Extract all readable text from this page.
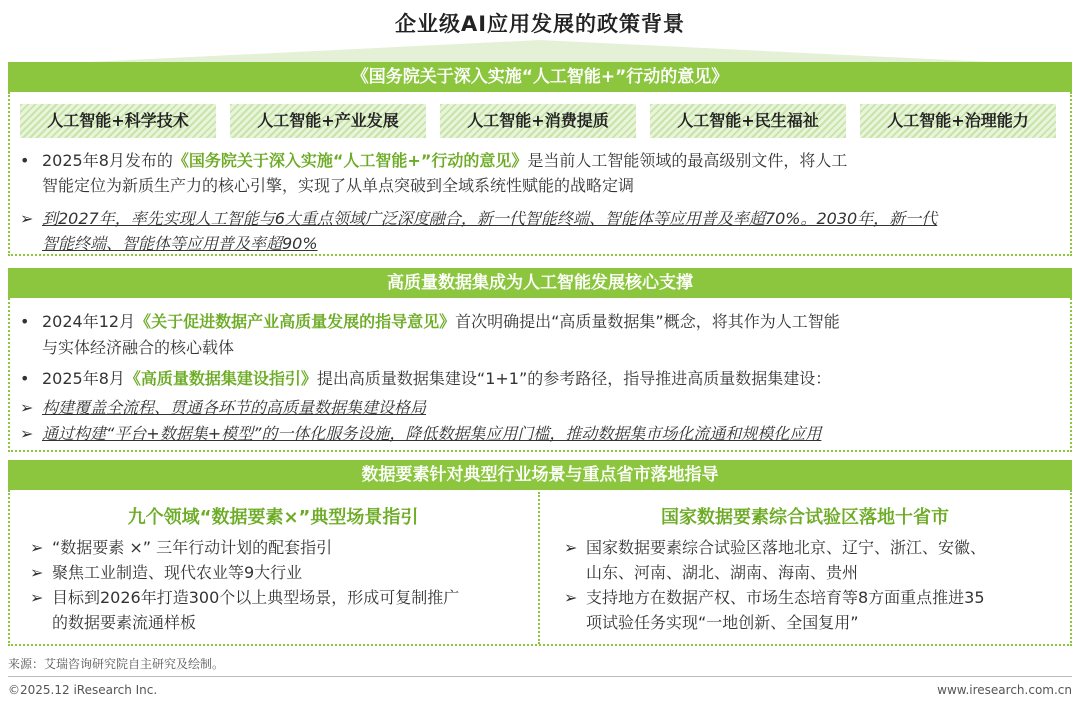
企业级AI应用发展的政策背景
《国务院关于深入实施“人工智能+”行动的意见》
人工智能+科学技术	人工智能+产业发展	人工智能+消费提质	人工智能+民生福祉	人工智能+治理能力
• 2025年8月发布的《国务院关于深入实施“人工智能+”行动的意见》是当前人工智能领域的最高级别文件，将人工
智能定位为新质生产力的核心引擎，实现了从单点突破到全域系统性赋能的战略定调
➢ 到2027年，率先实现人工智能与6大重点领域广泛深度融合，新一代智能终端、智能体等应用普及率超70%。2030年，新一代
智能终端、智能体等应用普及率超90%
高质量数据集成为人工智能发展核心支撑
• 2024年12月《关于促进数据产业高质量发展的指导意见》首次明确提出“高质量数据集”概念，将其作为人工智能
与实体经济融合的核心载体
• 2025年8月《高质量数据集建设指引》提出高质量数据集建设“1+1”的参考路径，指导推进高质量数据集建设：
➢ 构建覆盖全流程、贯通各环节的高质量数据集建设格局
➢ 通过构建“平台+数据集+模型”的一体化服务设施，降低数据集应用门槛，推动数据集市场化流通和规模化应用
数据要素针对典型行业场景与重点省市落地指导
九个领域“数据要素×”典型场景指引
➢ “数据要素 ×” 三年行动计划的配套指引
➢ 聚焦工业制造、现代农业等9大行业
➢ 目标到2026年打造300个以上典型场景，形成可复制推广
的数据要素流通样板
国家数据要素综合试验区落地十省市
➢ 国家数据要素综合试验区落地北京、辽宁、浙江、安徽、
山东、河南、湖北、湖南、海南、贵州
➢ 支持地方在数据产权、市场生态培育等8方面重点推进35
项试验任务实现“一地创新、全国复用”
来源：艾瑞咨询研究院自主研究及绘制。
©2025.12 iResearch Inc.	www.iresearch.com.cn
